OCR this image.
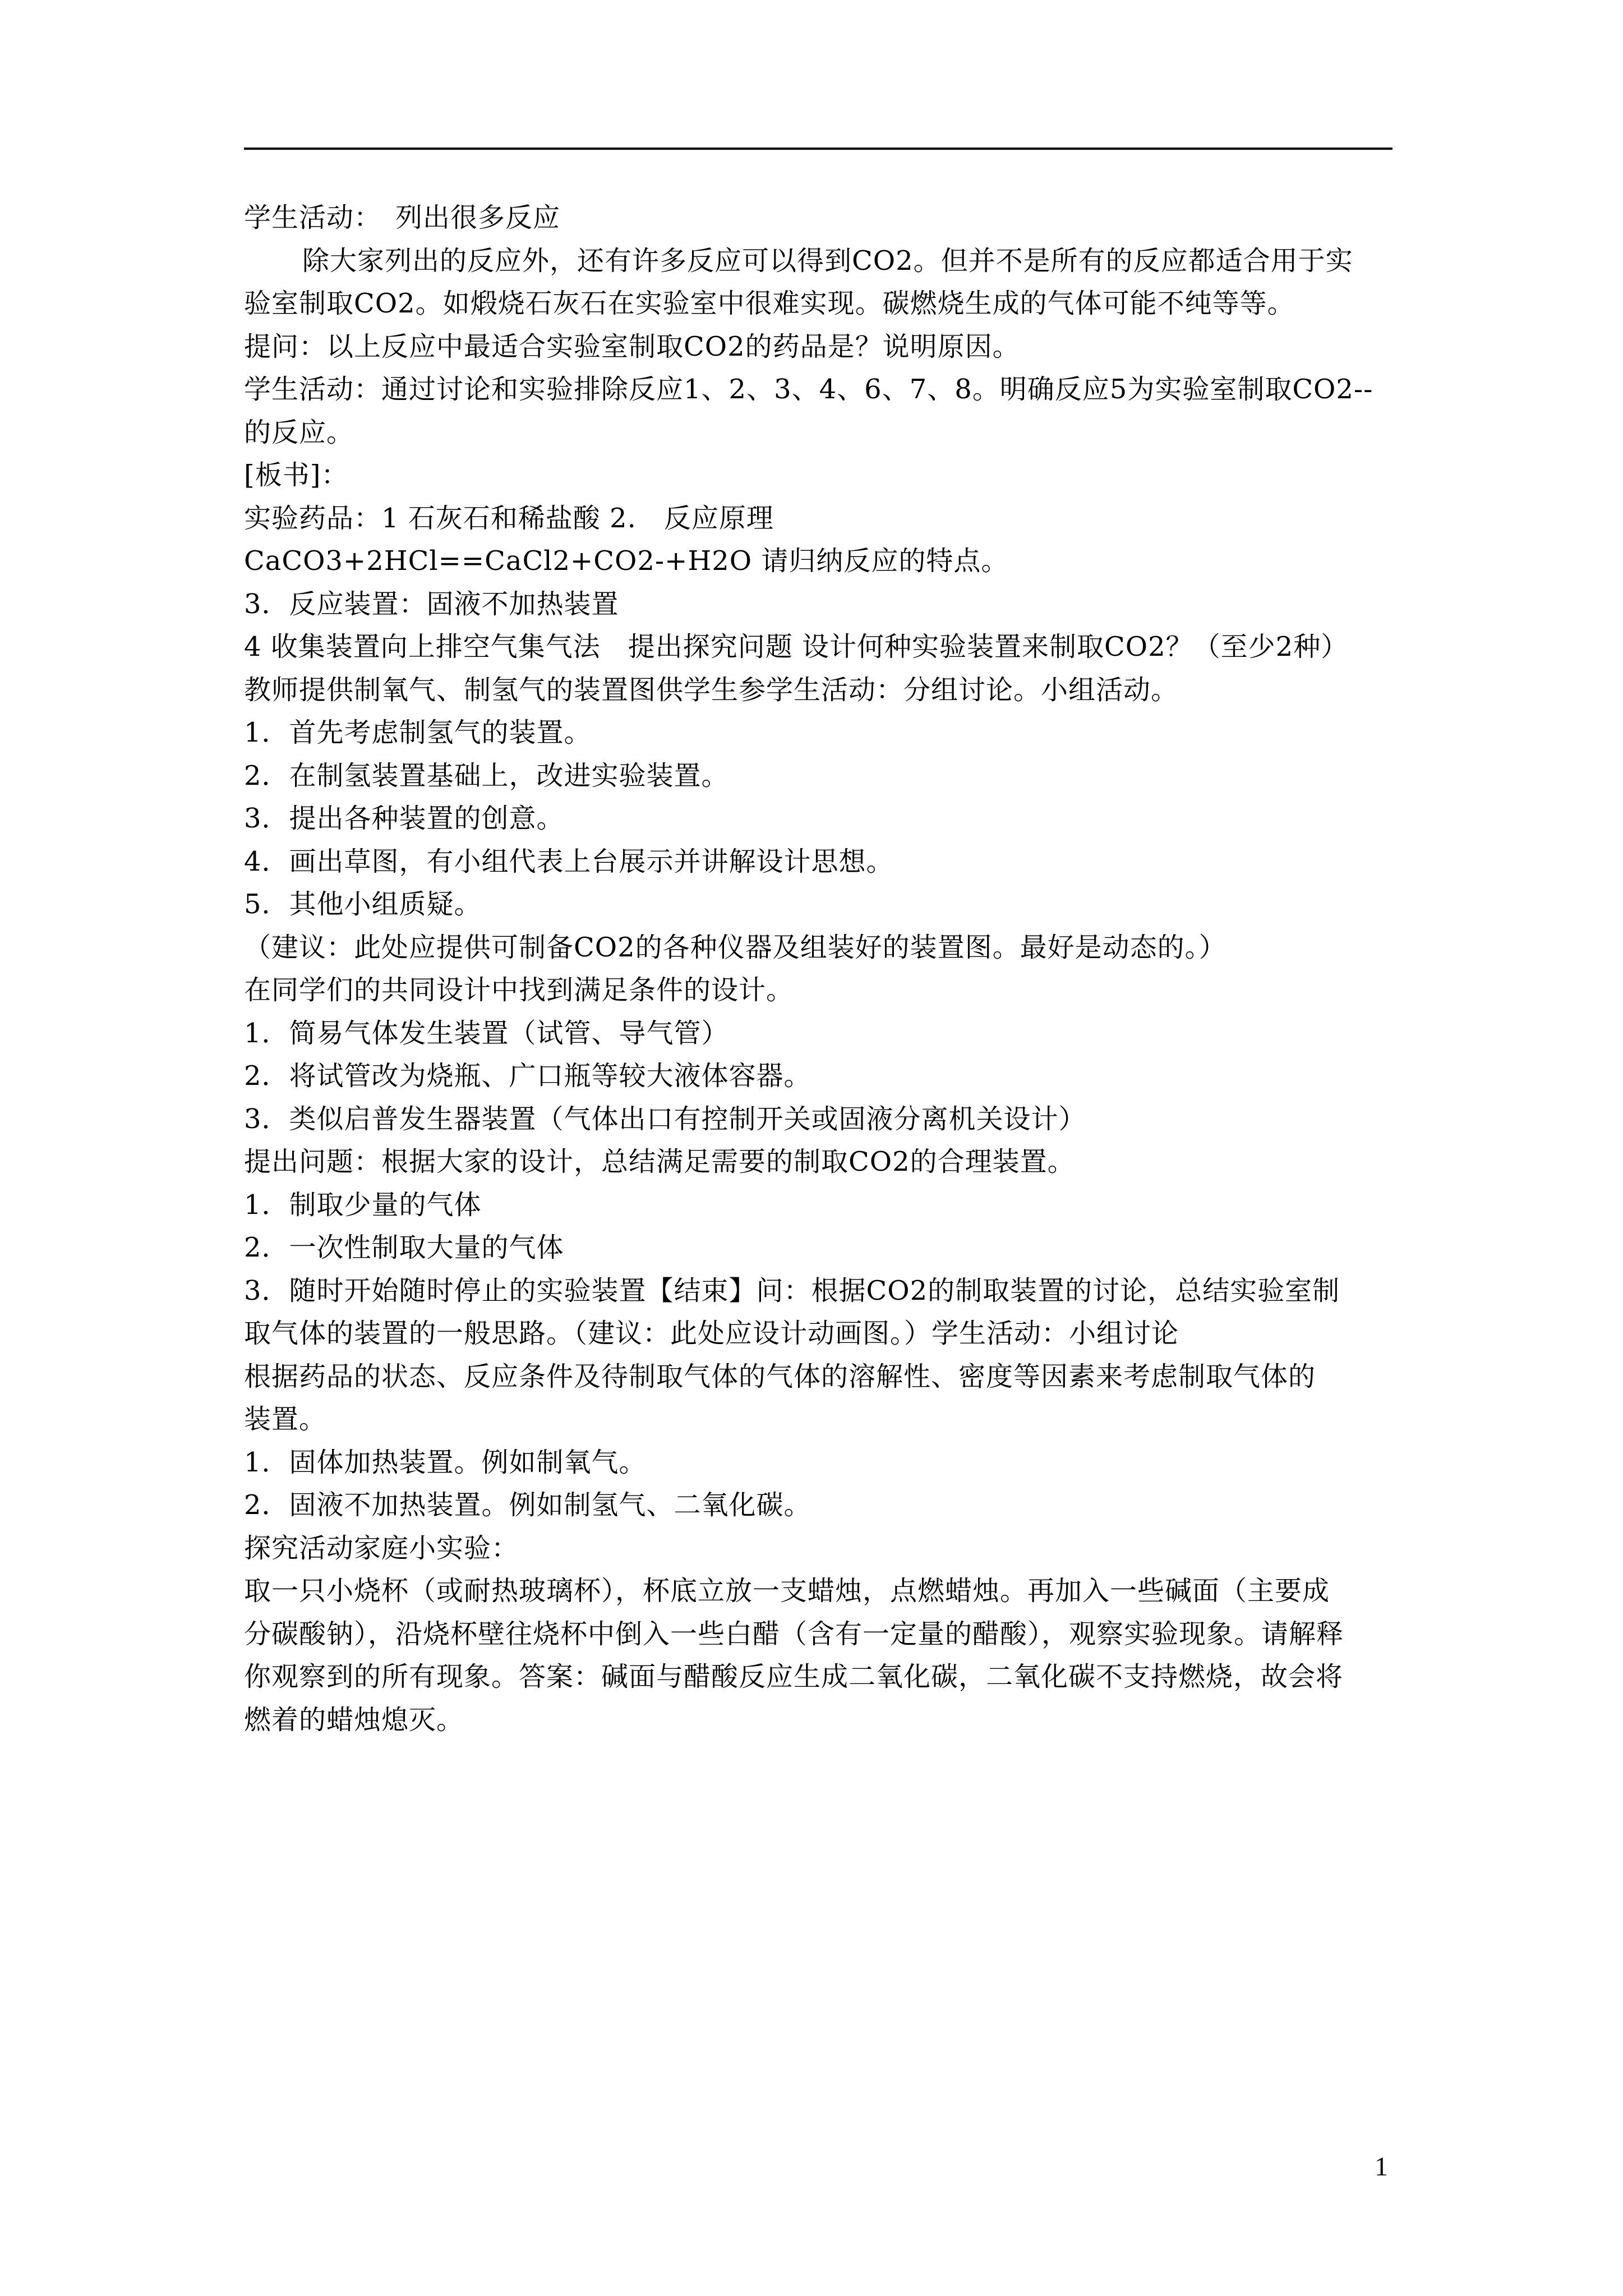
学生活动：　列出很多反应
除大家列出的反应外，还有许多反应可以得到CO2。但并不是所有的反应都适合用于实
验室制取CO2。如煅烧石灰石在实验室中很难实现。碳燃烧生成的气体可能不纯等等。
提问：以上反应中最适合实验室制取CO2的药品是？说明原因。
学生活动：通过讨论和实验排除反应1、2、3、4、6、7、8。明确反应5为实验室制取CO2--
的反应。
[板书]：
实验药品：1 石灰石和稀盐酸 2.　反应原理
CaCO3+2HCl==CaCl2+CO2-+H2O 请归纳反应的特点。
3．反应装置：固液不加热装置
4 收集装置向上排空气集气法　提出探究问题 设计何种实验装置来制取CO2？（至少2种）
教师提供制氧气、制氢气的装置图供学生参学生活动：分组讨论。小组活动。
1．首先考虑制氢气的装置。
2．在制氢装置基础上，改进实验装置。
3．提出各种装置的创意。
4．画出草图，有小组代表上台展示并讲解设计思想。
5．其他小组质疑。
（建议：此处应提供可制备CO2的各种仪器及组装好的装置图。最好是动态的。）
在同学们的共同设计中找到满足条件的设计。
1．简易气体发生装置（试管、导气管）
2．将试管改为烧瓶、广口瓶等较大液体容器。
3．类似启普发生器装置（气体出口有控制开关或固液分离机关设计）
提出问题：根据大家的设计，总结满足需要的制取CO2的合理装置。
1．制取少量的气体
2．一次性制取大量的气体
3．随时开始随时停止的实验装置【结束】问：根据CO2的制取装置的讨论，总结实验室制
取气体的装置的一般思路。（建议：此处应设计动画图。）学生活动：小组讨论
根据药品的状态、反应条件及待制取气体的气体的溶解性、密度等因素来考虑制取气体的
装置。
1．固体加热装置。例如制氧气。
2．固液不加热装置。例如制氢气、二氧化碳。
探究活动家庭小实验：
取一只小烧杯（或耐热玻璃杯），杯底立放一支蜡烛，点燃蜡烛。再加入一些碱面（主要成
分碳酸钠），沿烧杯壁往烧杯中倒入一些白醋（含有一定量的醋酸），观察实验现象。请解释
你观察到的所有现象。答案：碱面与醋酸反应生成二氧化碳，二氧化碳不支持燃烧，故会将
燃着的蜡烛熄灭。
1
